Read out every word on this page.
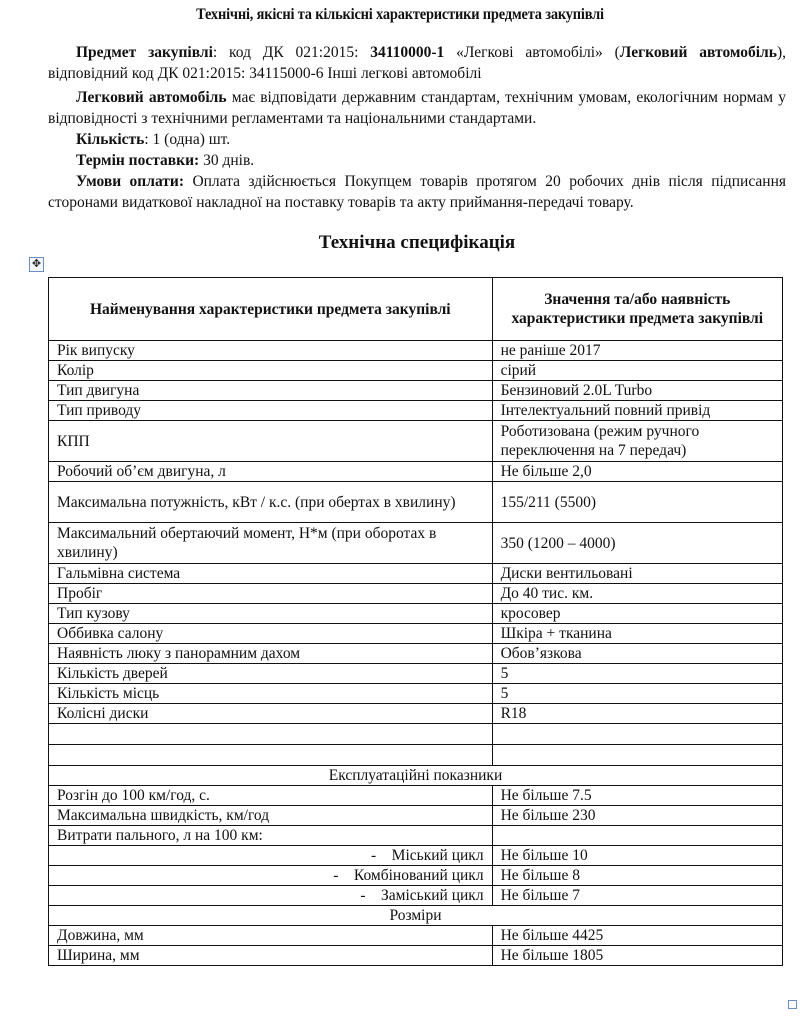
Технічні, якісні та кількісні характеристики предмета закупівлі
Предмет закупівлі: код ДК 021:2015: 34110000-1 «Легкові автомобілі» (Легковий автомобіль), відповідний код ДК 021:2015: 34115000-6 Інші легкові автомобілі
Легковий автомобіль має відповідати державним стандартам, технічним умовам, екологічним нормам у відповідності з технічними регламентами та національними стандартами.
Кількість: 1 (одна) шт.
Термін поставки: 30 днів.
Умови оплати: Оплата здійснюється Покупцем товарів протягом 20 робочих днів після підписання сторонами видаткової накладної на поставку товарів та акту приймання-передачі товару.
Технічна специфікація
✥
Найменування характеристики предмета закупівлі	Значення та/або наявність характеристики предмета закупівлі
Рік випуску	не раніше 2017
Колір	сірий
Тип двигуна	Бензиновий 2.0L Turbo
Тип приводу	Інтелектуальний повний привід
КПП	Роботизована (режим ручного переключення на 7 передач)
Робочий об’єм двигуна, л	Не більше 2,0
Максимальна потужність, кВт / к.с. (при обертах в хвилину)	155/211 (5500)
Максимальний обертаючий момент, Н*м (при оборотах в хвилину)	350 (1200 – 4000)
Гальмівна система	Диски вентильовані
Пробіг	До 40 тис. км.
Тип кузову	кросовер
Оббивка салону	Шкіра + тканина
Наявність люку з панорамним дахом	Обов’язкова
Кількість дверей	5
Кількість місць	5
Колісні диски	R18

Експлуатаційні показники	
Розгін до 100 км/год, с.	Не більше 7.5
Максимальна швидкість, км/год	Не більше 230
Витрати пального, л на 100 км:	
-    Міський цикл	Не більше 10
-    Комбінований цикл	Не більше 8
-    Заміський цикл	Не більше 7
Розміри	
Довжина, мм	Не більше 4425
Ширина, мм	Не більше 1805
